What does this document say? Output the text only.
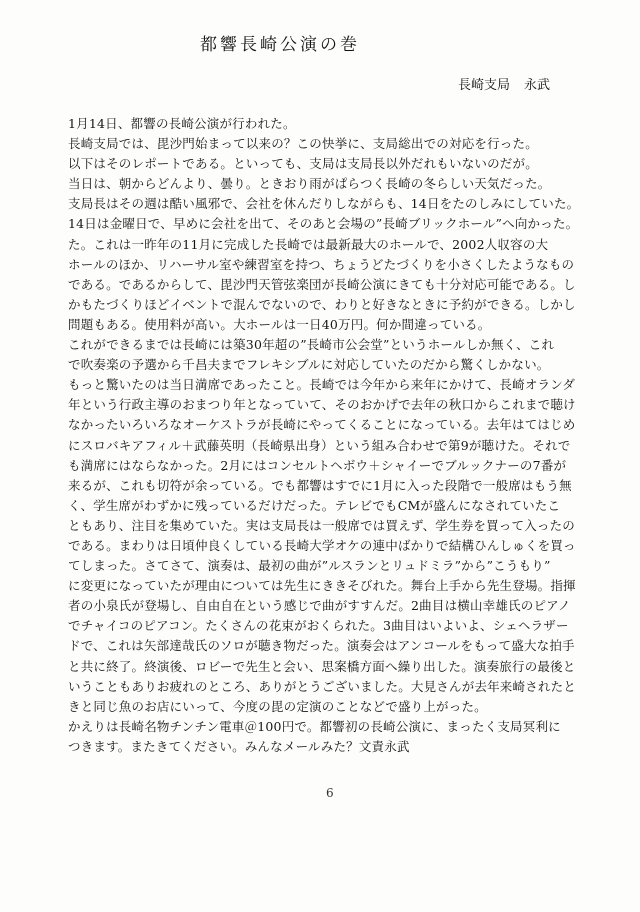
都響長崎公演の巻
長崎支局 永武
1月14日、都響の長崎公演が行われた。
長崎支局では、毘沙門始まって以来の？この快挙に、支局総出での対応を行った。
以下はそのレポートである。といっても、支局は支局長以外だれもいないのだが。
当日は、朝からどんより、曇り。ときおり雨がぱらつく長崎の冬らしい天気だった。
支局長はその週は酷い風邪で、会社を休んだりしながらも、14日をたのしみにしていた。
14日は金曜日で、早めに会社を出て、そのあと会場の”長崎ブリックホール”へ向かった。
た。これは一昨年の11月に完成した長崎では最新最大のホールで、2002人収容の大
ホールのほか、リハーサル室や練習室を持つ、ちょうどたづくりを小さくしたようなもの
である。であるからして、毘沙門天管弦楽団が長崎公演にきても十分対応可能である。し
かもたづくりほどイベントで混んでないので、わりと好きなときに予約ができる。しかし
問題もある。使用料が高い。大ホールは一日40万円。何か間違っている。
これができるまでは長崎には築30年超の”長崎市公会堂”というホールしか無く、これ
で吹奏楽の予選から千昌夫までフレキシブルに対応していたのだから驚くしかない。
もっと驚いたのは当日満席であったこと。長崎では今年から来年にかけて、長崎オランダ
年という行政主導のおまつり年となっていて、そのおかげで去年の秋口からこれまで聴け
なかったいろいろなオーケストラが長崎にやってくることになっている。去年はてはじめ
にスロバキアフィル＋武藤英明（長崎県出身）という組み合わせで第9が聴けた。それで
も満席にはならなかった。2月にはコンセルトヘボウ＋シャイーでブルックナーの7番が
来るが、これも切符が余っている。でも都響はすでに1月に入った段階で一般席はもう無
く、学生席がわずかに残っているだけだった。テレビでもCMが盛んになされていたこ
ともあり、注目を集めていた。実は支局長は一般席では買えず、学生券を買って入ったの
である。まわりは日頃仲良くしている長崎大学オケの連中ばかりで結構ひんしゅくを買っ
てしまった。さてさて、演奏は、最初の曲が”ルスランとリュドミラ”から”こうもり”
に変更になっていたが理由については先生にききそびれた。舞台上手から先生登場。指揮
者の小泉氏が登場し、自由自在という感じで曲がすすんだ。2曲目は横山幸雄氏のピアノ
でチャイコのピアコン。たくさんの花束がおくられた。3曲目はいよいよ、シェヘラザー
ドで、これは矢部達哉氏のソロが聴き物だった。演奏会はアンコールをもって盛大な拍手
と共に終了。終演後、ロビーで先生と会い、思案橋方面へ繰り出した。演奏旅行の最後と
いうこともありお疲れのところ、ありがとうございました。大見さんが去年来崎されたと
きと同じ魚のお店にいって、今度の毘の定演のことなどで盛り上がった。
かえりは長崎名物チンチン電車＠100円で。都響初の長崎公演に、まったく支局冥利に
つきます。またきてください。みんなメールみた？文責永武
6
